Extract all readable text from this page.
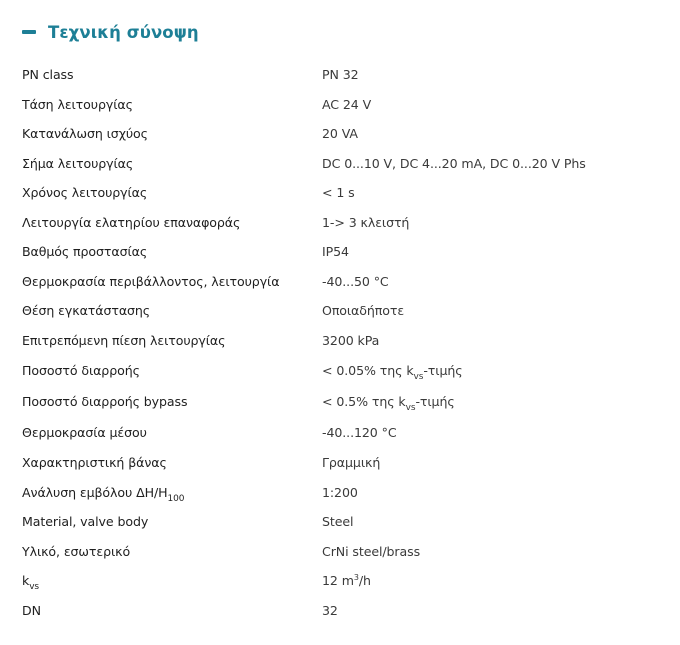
Τεχνική σύνοψη
PN class	PN 32
Τάση λειτουργίας	AC 24 V
Κατανάλωση ισχύος	20 VA
Σήμα λειτουργίας	DC 0...10 V, DC 4...20 mA, DC 0...20 V Phs
Χρόνος λειτουργίας	< 1 s
Λειτουργία ελατηρίου επαναφοράς	1-> 3 κλειστή
Βαθμός προστασίας	IP54
Θερμοκρασία περιβάλλοντος, λειτουργία	-40...50 °C
Θέση εγκατάστασης	Οποιαδήποτε
Επιτρεπόμενη πίεση λειτουργίας	3200 kPa
Ποσοστό διαρροής	< 0.05% της $k_{vs}$-τιμής
Ποσοστό διαρροής bypass	< 0.5% της $k_{vs}$-τιμής
Θερμοκρασία μέσου	-40...120 °C
Χαρακτηριστική βάνας	Γραμμική
Ανάλυση εμβόλου $\Delta H/H_{100}$	1:200
Material, valve body	Steel
Υλικό, εσωτερικό	CrNi steel/brass
$k_{vs}$	12 $m^3/h$
DN	32
